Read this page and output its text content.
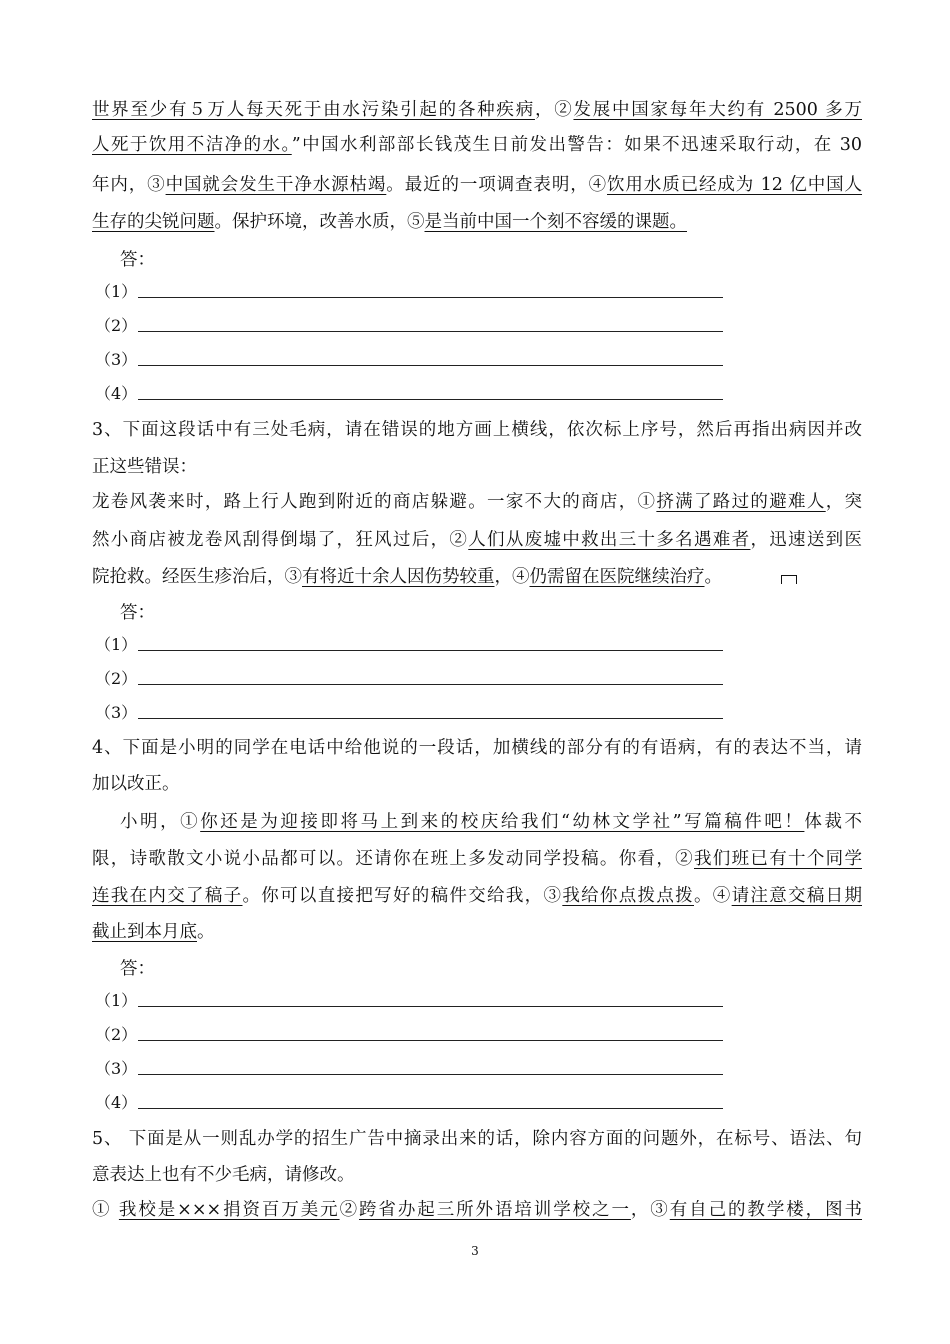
世界至少有５万人每天死于由水污染引起的各种疾病，②发展中国家每年大约有 2500 多万
人死于饮用不洁净的水。”中国水利部部长钱茂生日前发出警告：如果不迅速采取行动，在 30
年内，③中国就会发生干净水源枯竭。最近的一项调查表明，④饮用水质已经成为 12 亿中国人
生存的尖锐问题。保护环境，改善水质，⑤是当前中国一个刻不容缓的课题。
答：
（1）
（2）
（3）
（4）
3、下面这段话中有三处毛病，请在错误的地方画上横线，依次标上序号，然后再指出病因并改
正这些错误：
龙卷风袭来时，路上行人跑到附近的商店躲避。一家不大的商店，①挤满了路过的避难人，突
然小商店被龙卷风刮得倒塌了，狂风过后，②人们从废墟中救出三十多名遇难者，迅速送到医
院抢救。经医生疹治后，③有将近十余人因伤势较重，④仍需留在医院继续治疗。
答：
（1）
（2）
（3）
4、下面是小明的同学在电话中给他说的一段话，加横线的部分有的有语病，有的表达不当，请
加以改正。
小明，①你还是为迎接即将马上到来的校庆给我们“幼林文学社”写篇稿件吧！体裁不
限，诗歌散文小说小品都可以。还请你在班上多发动同学投稿。你看，②我们班已有十个同学
连我在内交了稿子。你可以直接把写好的稿件交给我，③我给你点拨点拨。④请注意交稿日期
截止到本月底。
答：
（1）
（2）
（3）
（4）
5、 下面是从一则乱办学的招生广告中摘录出来的话，除内容方面的问题外，在标号、语法、句
意表达上也有不少毛病，请修改。
① 我校是×××捐资百万美元②跨省办起三所外语培训学校之一，③有自己的教学楼，图书
3
